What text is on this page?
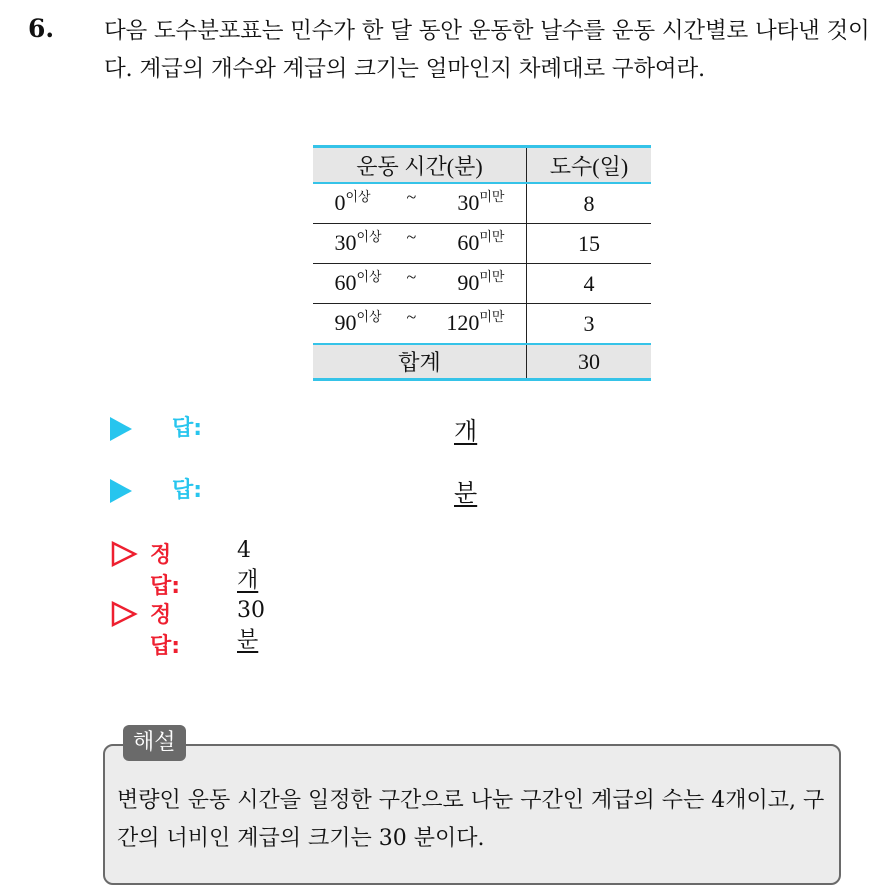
6. 다음 도수분포표는 민수가 한 달 동안 운동한 날수를 운동 시간별로 나타낸 것이다. 계급의 개수와 계급의 크기는 얼마인지 차례대로 구하여라.
운동 시간(분)	도수(일)

$0^{이상}$ ~ $30^{미만}$	8

$30^{이상}$ ~ $60^{미만}$	15

$60^{이상}$ ~ $90^{미만}$	4

$90^{이상}$ ~ $120^{미만}$	3
합계	30
답:	개
답:	분
정답:
4개
정답:
30분
해설
변량인 운동 시간을 일정한 구간으로 나눈 구간인 계급의 수는 4개이고, 구간의 너비인 계급의 크기는 30 분이다.
